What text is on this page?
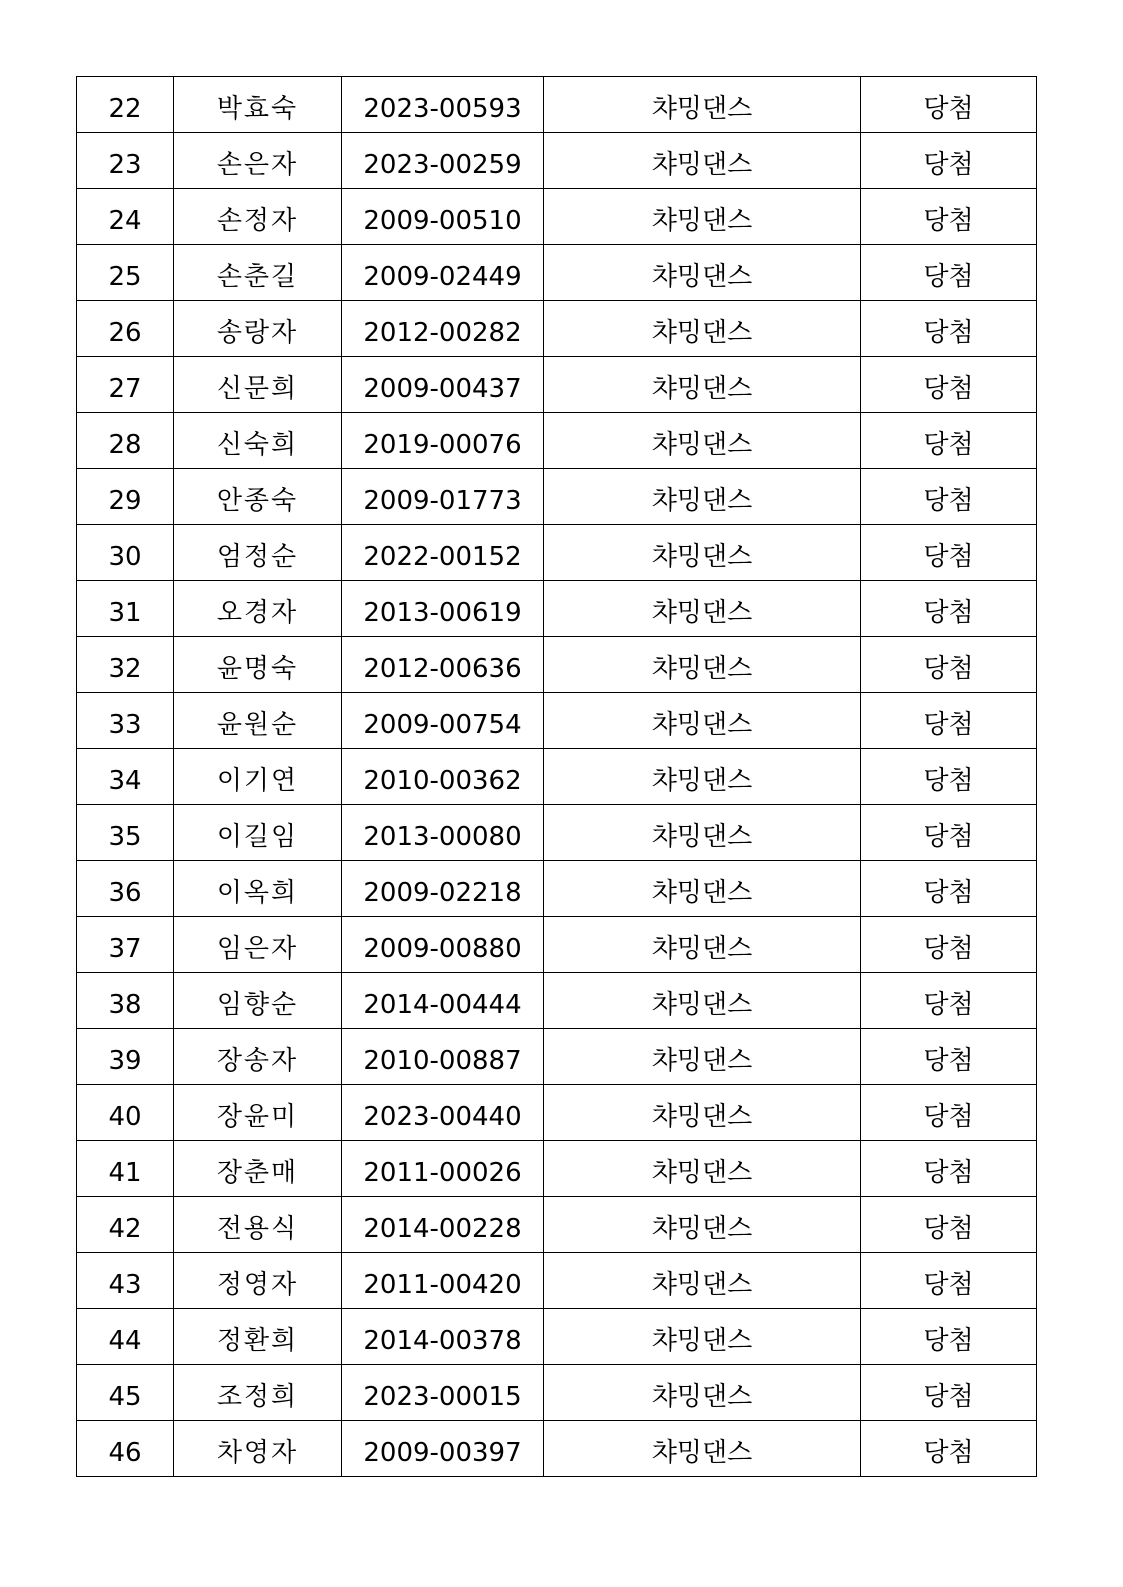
22	박효숙	2023-00593	챠밍댄스	당첨
23	손은자	2023-00259	챠밍댄스	당첨
24	손정자	2009-00510	챠밍댄스	당첨
25	손춘길	2009-02449	챠밍댄스	당첨
26	송랑자	2012-00282	챠밍댄스	당첨
27	신문희	2009-00437	챠밍댄스	당첨
28	신숙희	2019-00076	챠밍댄스	당첨
29	안종숙	2009-01773	챠밍댄스	당첨
30	엄정순	2022-00152	챠밍댄스	당첨
31	오경자	2013-00619	챠밍댄스	당첨
32	윤명숙	2012-00636	챠밍댄스	당첨
33	윤원순	2009-00754	챠밍댄스	당첨
34	이기연	2010-00362	챠밍댄스	당첨
35	이길임	2013-00080	챠밍댄스	당첨
36	이옥희	2009-02218	챠밍댄스	당첨
37	임은자	2009-00880	챠밍댄스	당첨
38	임향순	2014-00444	챠밍댄스	당첨
39	장송자	2010-00887	챠밍댄스	당첨
40	장윤미	2023-00440	챠밍댄스	당첨
41	장춘매	2011-00026	챠밍댄스	당첨
42	전용식	2014-00228	챠밍댄스	당첨
43	정영자	2011-00420	챠밍댄스	당첨
44	정환희	2014-00378	챠밍댄스	당첨
45	조정희	2023-00015	챠밍댄스	당첨
46	차영자	2009-00397	챠밍댄스	당첨
